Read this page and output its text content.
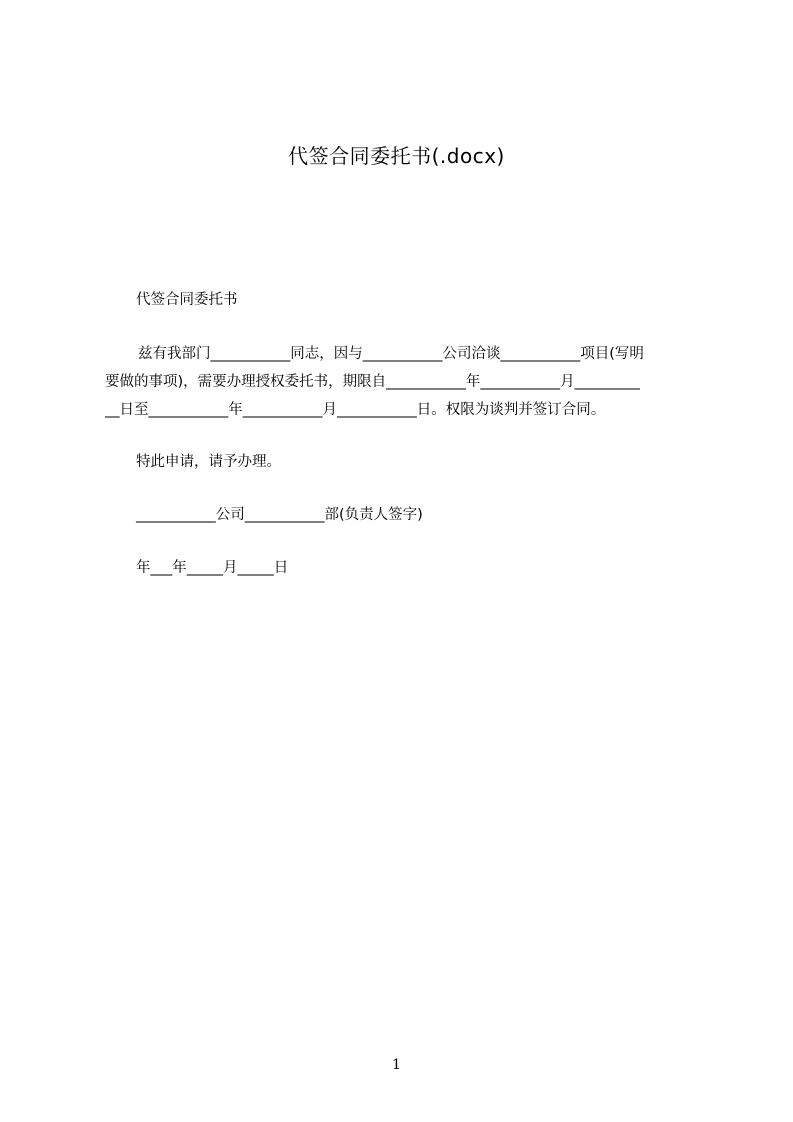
代签合同委托书(.docx)
代签合同委托书
兹有我部门___________同志，因与___________公司洽谈___________项目(写明
要做的事项)，需要办理授权委托书，期限自___________年___________月_________
__日至___________年___________月___________日。权限为谈判并签订合同。
特此申请，请予办理。
___________公司___________部(负责人签字)
年___年_____月_____日
1
